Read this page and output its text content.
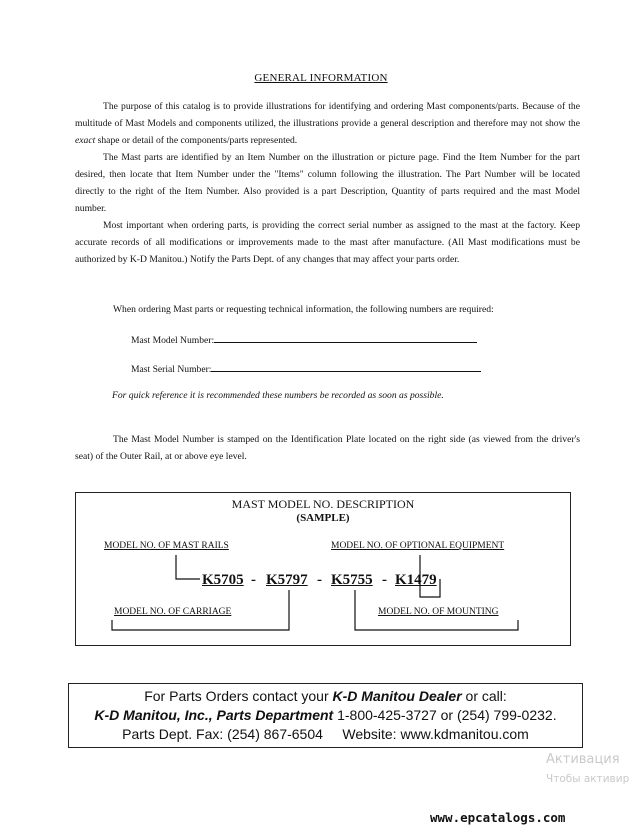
GENERAL INFORMATION

The purpose of this catalog is to provide illustrations for identifying and ordering Mast components/parts. Because of the multitude of Mast Models and components utilized, the illustrations provide a general description and therefore may not show the exact shape or detail of the components/parts represented.

The Mast parts are identified by an Item Number on the illustration or picture page. Find the Item Number for the part desired, then locate that Item Number under the "Items" column following the illustration. The Part Number will be located directly to the right of the Item Number. Also provided is a part Description, Quantity of parts required and the mast Model number.

Most important when ordering parts, is providing the correct serial number as assigned to the mast at the factory. Keep accurate records of all modifications or improvements made to the mast after manufacture. (All Mast modifications must be authorized by K-D Manitou.) Notify the Parts Dept. of any changes that may affect your parts order.

When ordering Mast parts or requesting technical information, the following numbers are required:

Mast Model Number:
Mast Serial Number:
For quick reference it is recommended these numbers be recorded as soon as possible.

The Mast Model Number is stamped on the Identification Plate located on the right side (as viewed from the driver's seat) of the Outer Rail, at or above eye level.

MAST MODEL NO. DESCRIPTION
(SAMPLE)
MODEL NO. OF MAST RAILS	MODEL NO. OF OPTIONAL EQUIPMENT
K5705 - K5797 - K5755 - K1479
MODEL NO. OF CARRIAGE	MODEL NO. OF MOUNTING
For Parts Orders contact your K-D Manitou Dealer or call:
K-D Manitou, Inc., Parts Department 1-800-425-3727 or (254) 799-0232.
Parts Dept. Fax: (254) 867-6504     Website: www.kdmanitou.com
Активация
Чтобы активир
www.epcatalogs.com
